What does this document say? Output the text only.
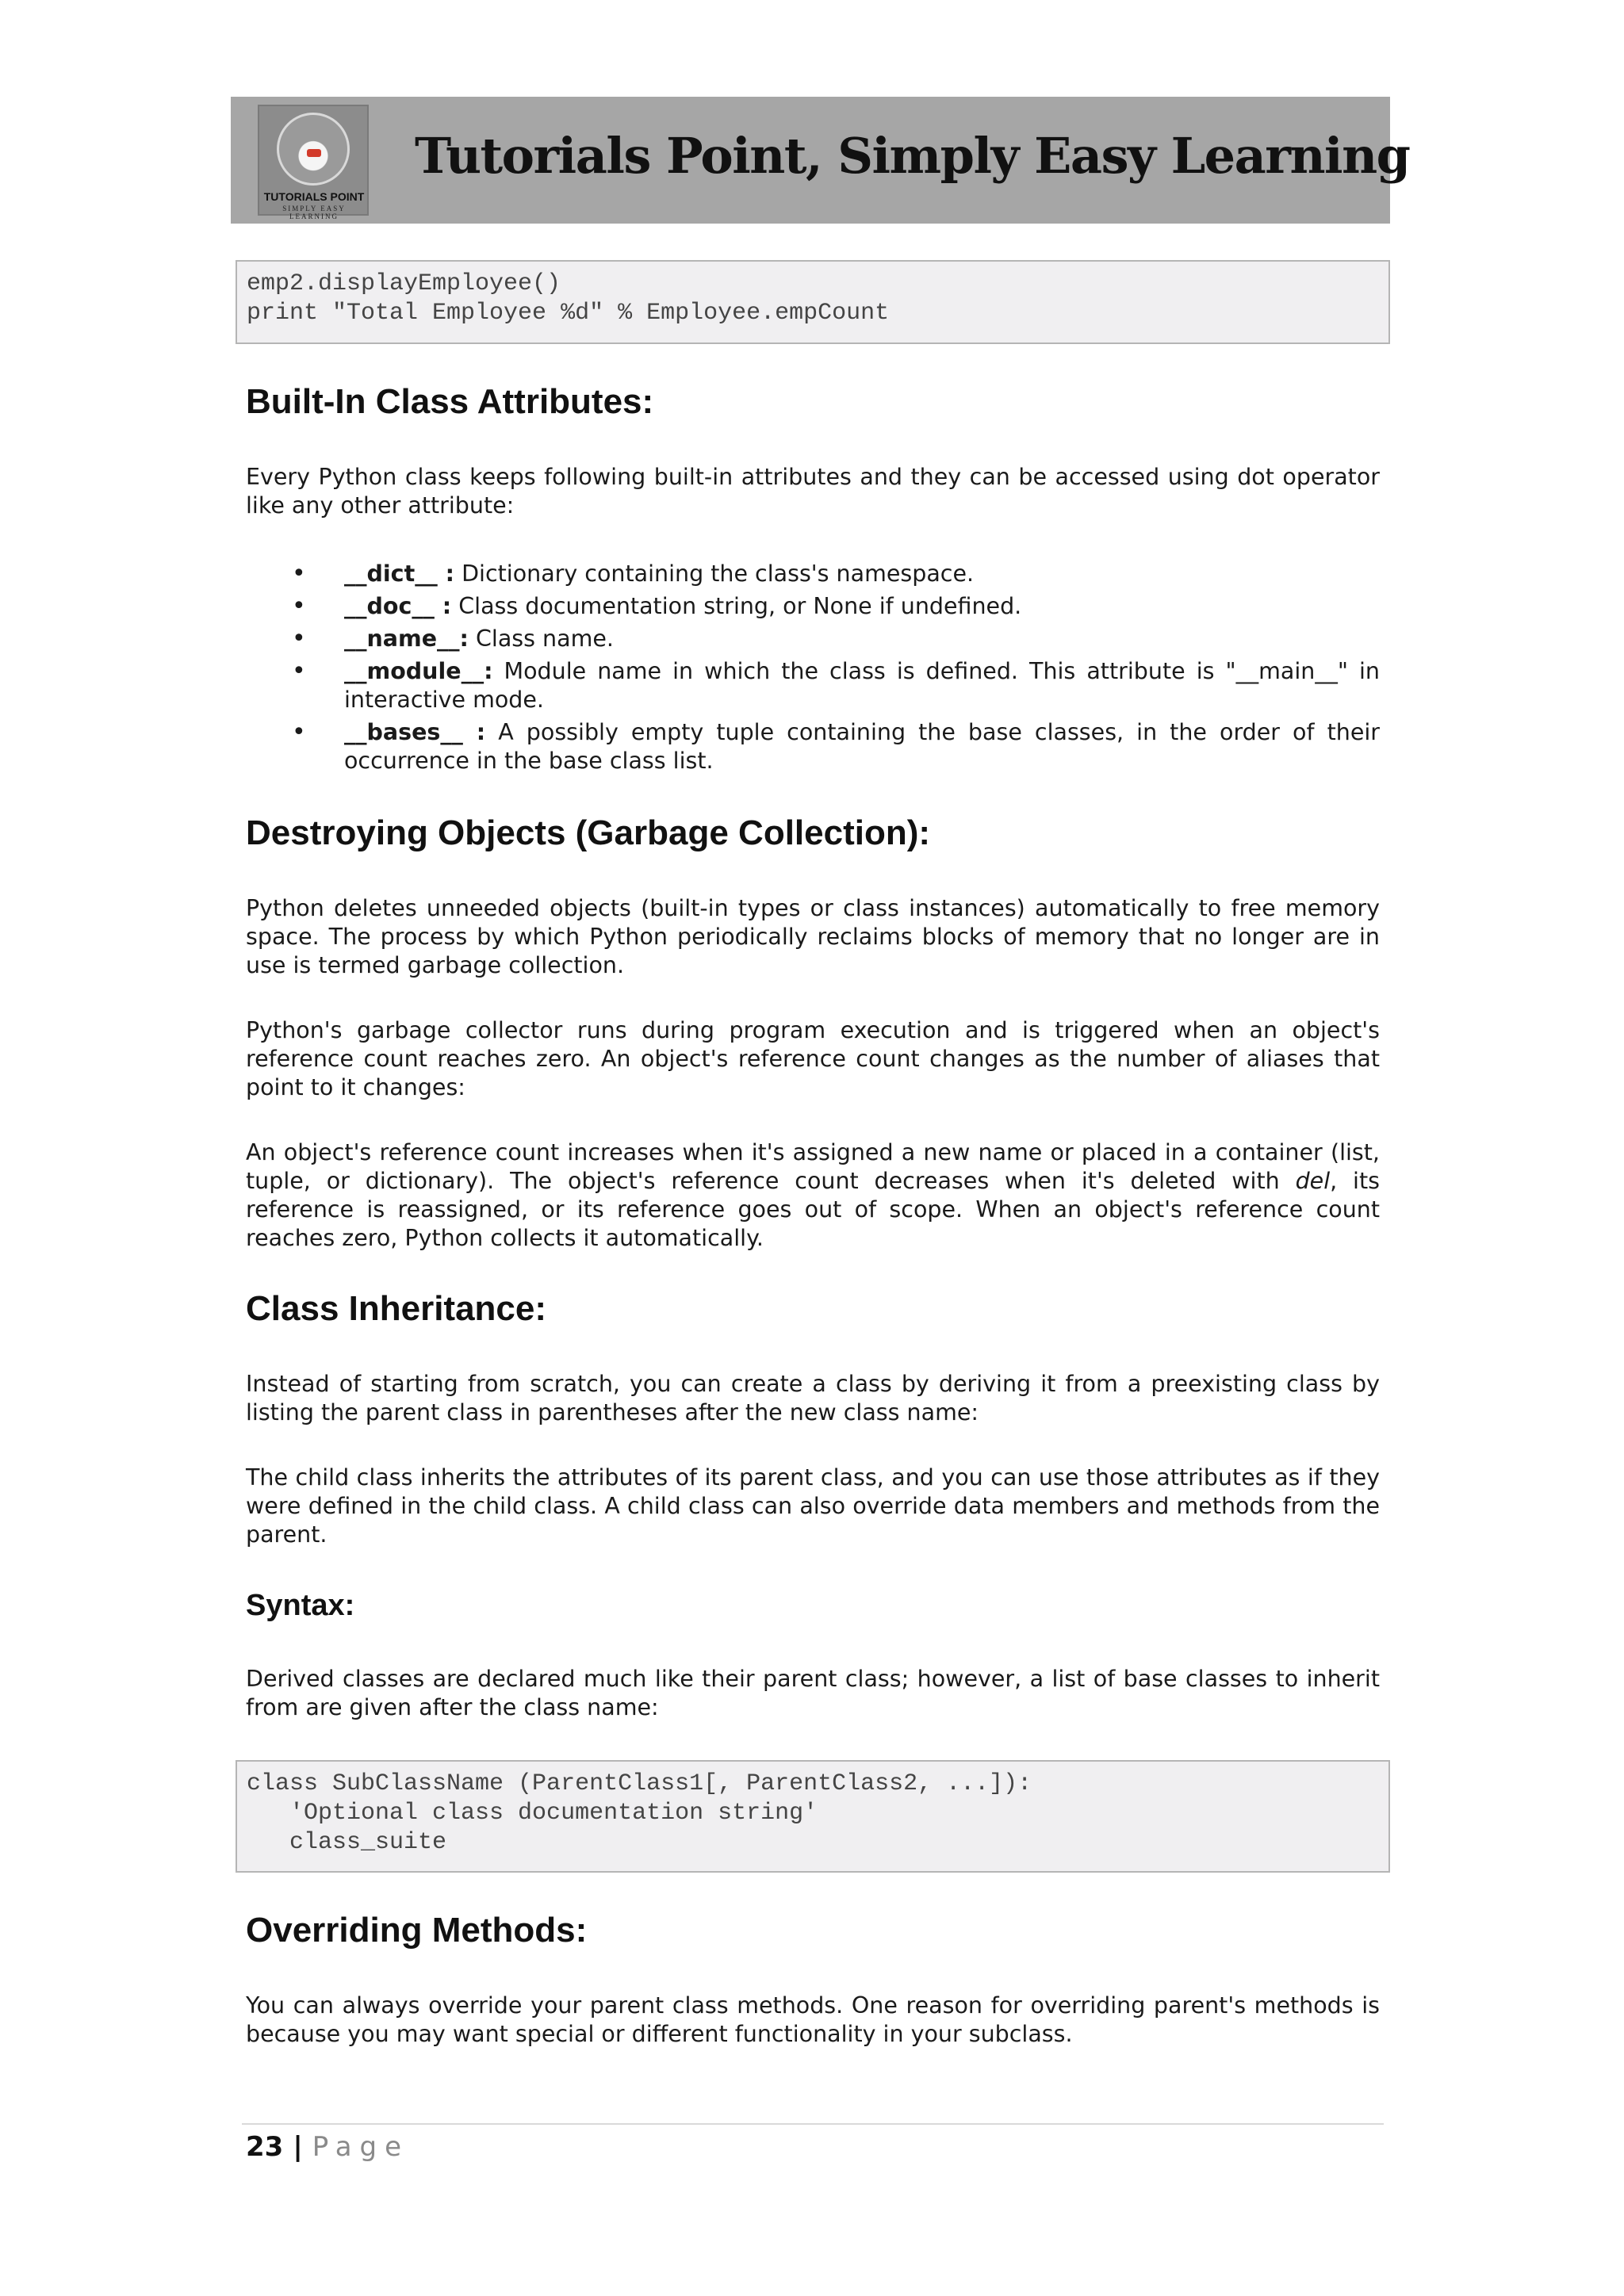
TUTORIALS POINT
SIMPLY EASY LEARNING
Tutorials Point, Simply Easy Learning
emp2.displayEmployee()
print "Total Employee %d" % Employee.empCount
Built-In Class Attributes:

Every Python class keeps following built-in attributes and they can be accessed using dot operator like any other attribute:

• __dict__ : Dictionary containing the class's namespace.
• __doc__ : Class documentation string, or None if undefined.
• __name__: Class name.
• __module__: Module name in which the class is defined. This attribute is "__main__" in interactive mode.
• __bases__ : A possibly empty tuple containing the base classes, in the order of their occurrence in the base class list.
Destroying Objects (Garbage Collection):

Python deletes unneeded objects (built-in types or class instances) automatically to free memory space. The process by which Python periodically reclaims blocks of memory that no longer are in use is termed garbage collection.

Python's garbage collector runs during program execution and is triggered when an object's reference count reaches zero. An object's reference count changes as the number of aliases that point to it changes:

An object's reference count increases when it's assigned a new name or placed in a container (list, tuple, or dictionary). The object's reference count decreases when it's deleted with del, its reference is reassigned, or its reference goes out of scope. When an object's reference count reaches zero, Python collects it automatically.

Class Inheritance:

Instead of starting from scratch, you can create a class by deriving it from a preexisting class by listing the parent class in parentheses after the new class name:

The child class inherits the attributes of its parent class, and you can use those attributes as if they were defined in the child class. A child class can also override data members and methods from the parent.

Syntax:

Derived classes are declared much like their parent class; however, a list of base classes to inherit from are given after the class name:

class SubClassName (ParentClass1[, ParentClass2, ...]):
'Optional class documentation string'
class_suite
Overriding Methods:

You can always override your parent class methods. One reason for overriding parent's methods is because you may want special or different functionality in your subclass.

23 | Page
